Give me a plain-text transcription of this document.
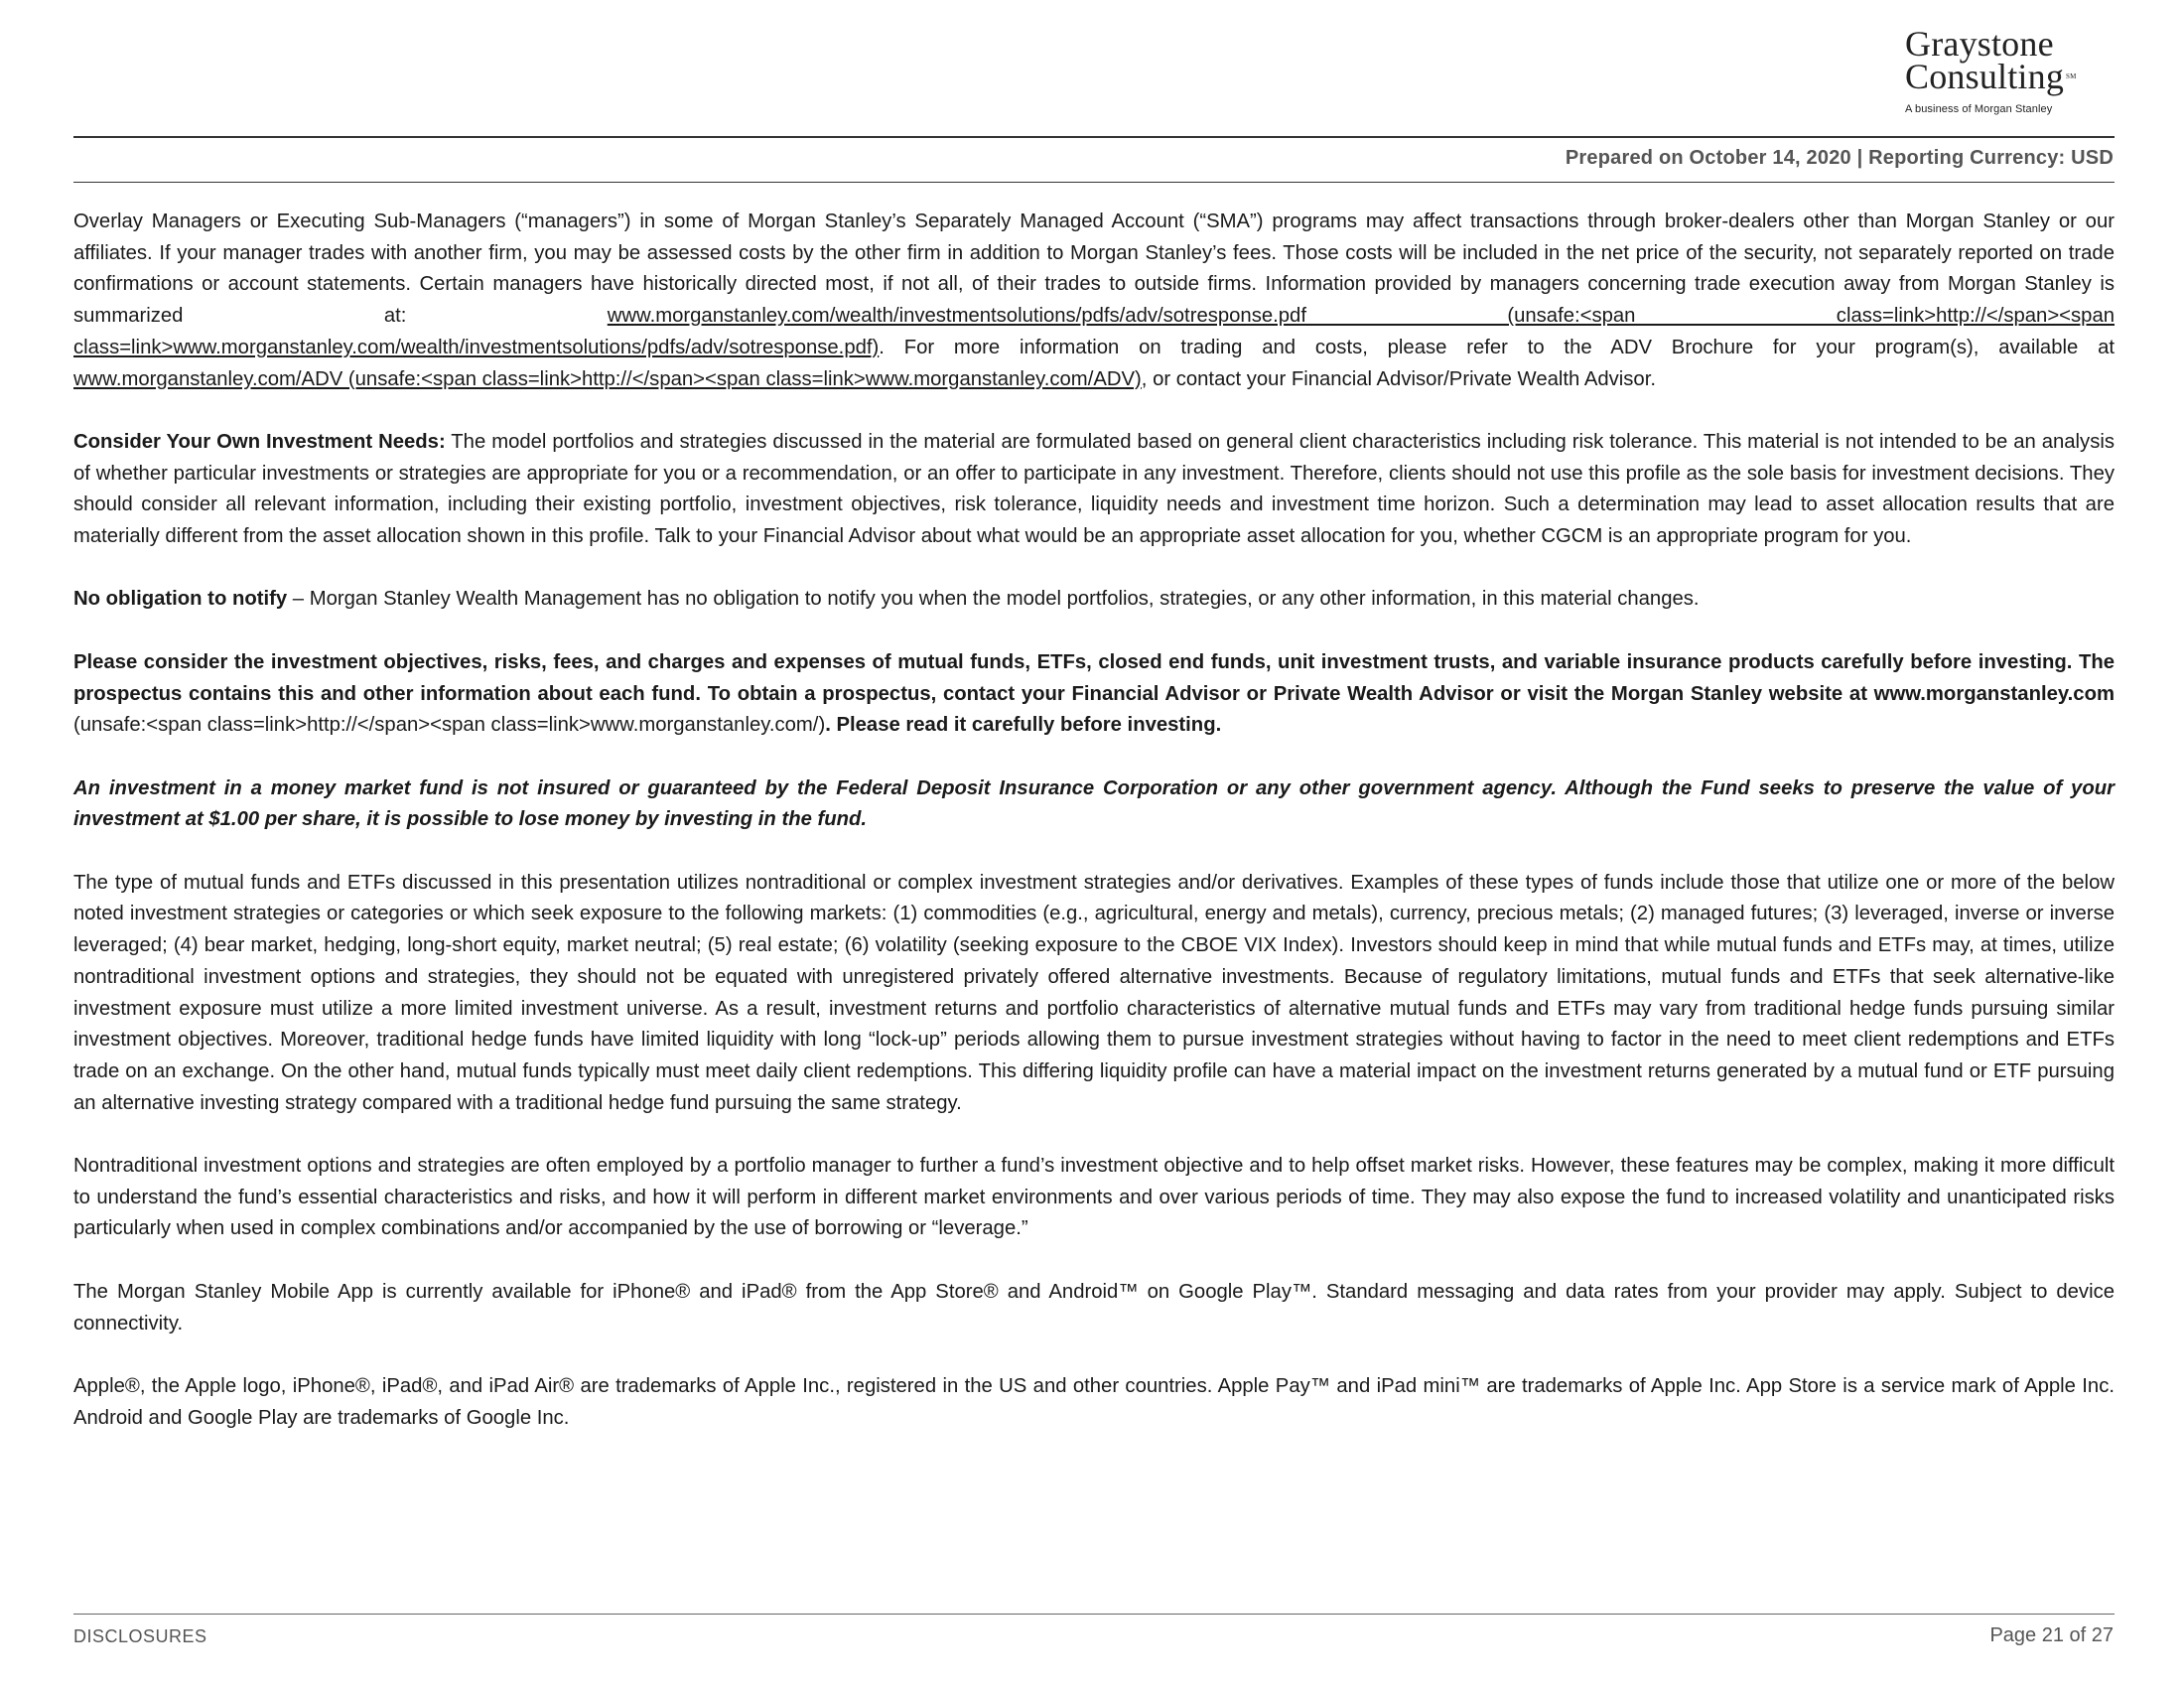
Graystone
Consulting ℠
A business of Morgan Stanley
Prepared on October 14, 2020 | Reporting Currency: USD

Overlay Managers or Executing Sub-Managers (“managers”) in some of Morgan Stanley’s Separately Managed Account (“SMA”) programs may affect transactions through broker-dealers other than Morgan Stanley or our affiliates. If your manager trades with another firm, you may be assessed costs by the other firm in addition to Morgan Stanley’s fees. Those costs will be included in the net price of the security, not separately reported on trade confirmations or account statements. Certain managers have historically directed most, if not all, of their trades to outside firms. Information provided by managers concerning trade execution away from Morgan Stanley is summarized at: www.morganstanley.com/wealth/investmentsolutions/pdfs/adv/sotresponse.pdf (unsafe:<span class=link>http://</span><span class=link>www.morganstanley.com/wealth/investmentsolutions/pdfs/adv/sotresponse.pdf). For more information on trading and costs, please refer to the ADV Brochure for your program(s), available at www.morganstanley.com/ADV (unsafe:<span class=link>http://</span><span class=link>www.morganstanley.com/ADV), or contact your Financial Advisor/Private Wealth Advisor.

Consider Your Own Investment Needs: The model portfolios and strategies discussed in the material are formulated based on general client characteristics including risk tolerance. This material is not intended to be an analysis of whether particular investments or strategies are appropriate for you or a recommendation, or an offer to participate in any investment. Therefore, clients should not use this profile as the sole basis for investment decisions. They should consider all relevant information, including their existing portfolio, investment objectives, risk tolerance, liquidity needs and investment time horizon. Such a determination may lead to asset allocation results that are materially different from the asset allocation shown in this profile. Talk to your Financial Advisor about what would be an appropriate asset allocation for you, whether CGCM is an appropriate program for you.

No obligation to notify – Morgan Stanley Wealth Management has no obligation to notify you when the model portfolios, strategies, or any other information, in this material changes.

Please consider the investment objectives, risks, fees, and charges and expenses of mutual funds, ETFs, closed end funds, unit investment trusts, and variable insurance products carefully before investing. The prospectus contains this and other information about each fund. To obtain a prospectus, contact your Financial Advisor or Private Wealth Advisor or visit the Morgan Stanley website at www.morganstanley.com (unsafe:<span class=link>http://</span><span class=link>www.morganstanley.com/). Please read it carefully before investing.

An investment in a money market fund is not insured or guaranteed by the Federal Deposit Insurance Corporation or any other government agency. Although the Fund seeks to preserve the value of your investment at $1.00 per share, it is possible to lose money by investing in the fund.

The type of mutual funds and ETFs discussed in this presentation utilizes nontraditional or complex investment strategies and/or derivatives. Examples of these types of funds include those that utilize one or more of the below noted investment strategies or categories or which seek exposure to the following markets: (1) commodities (e.g., agricultural, energy and metals), currency, precious metals; (2) managed futures; (3) leveraged, inverse or inverse leveraged; (4) bear market, hedging, long-short equity, market neutral; (5) real estate; (6) volatility (seeking exposure to the CBOE VIX Index). Investors should keep in mind that while mutual funds and ETFs may, at times, utilize nontraditional investment options and strategies, they should not be equated with unregistered privately offered alternative investments. Because of regulatory limitations, mutual funds and ETFs that seek alternative-like investment exposure must utilize a more limited investment universe. As a result, investment returns and portfolio characteristics of alternative mutual funds and ETFs may vary from traditional hedge funds pursuing similar investment objectives. Moreover, traditional hedge funds have limited liquidity with long “lock-up” periods allowing them to pursue investment strategies without having to factor in the need to meet client redemptions and ETFs trade on an exchange. On the other hand, mutual funds typically must meet daily client redemptions. This differing liquidity profile can have a material impact on the investment returns generated by a mutual fund or ETF pursuing an alternative investing strategy compared with a traditional hedge fund pursuing the same strategy.

Nontraditional investment options and strategies are often employed by a portfolio manager to further a fund’s investment objective and to help offset market risks. However, these features may be complex, making it more difficult to understand the fund’s essential characteristics and risks, and how it will perform in different market environments and over various periods of time. They may also expose the fund to increased volatility and unanticipated risks particularly when used in complex combinations and/or accompanied by the use of borrowing or “leverage.”

The Morgan Stanley Mobile App is currently available for iPhone® and iPad® from the App Store® and Android™ on Google Play™. Standard messaging and data rates from your provider may apply. Subject to device connectivity.

Apple®, the Apple logo, iPhone®, iPad®, and iPad Air® are trademarks of Apple Inc., registered in the US and other countries. Apple Pay™ and iPad mini™ are trademarks of Apple Inc. App Store is a service mark of Apple Inc. Android and Google Play are trademarks of Google Inc.

DISCLOSURES	Page 21 of 27
